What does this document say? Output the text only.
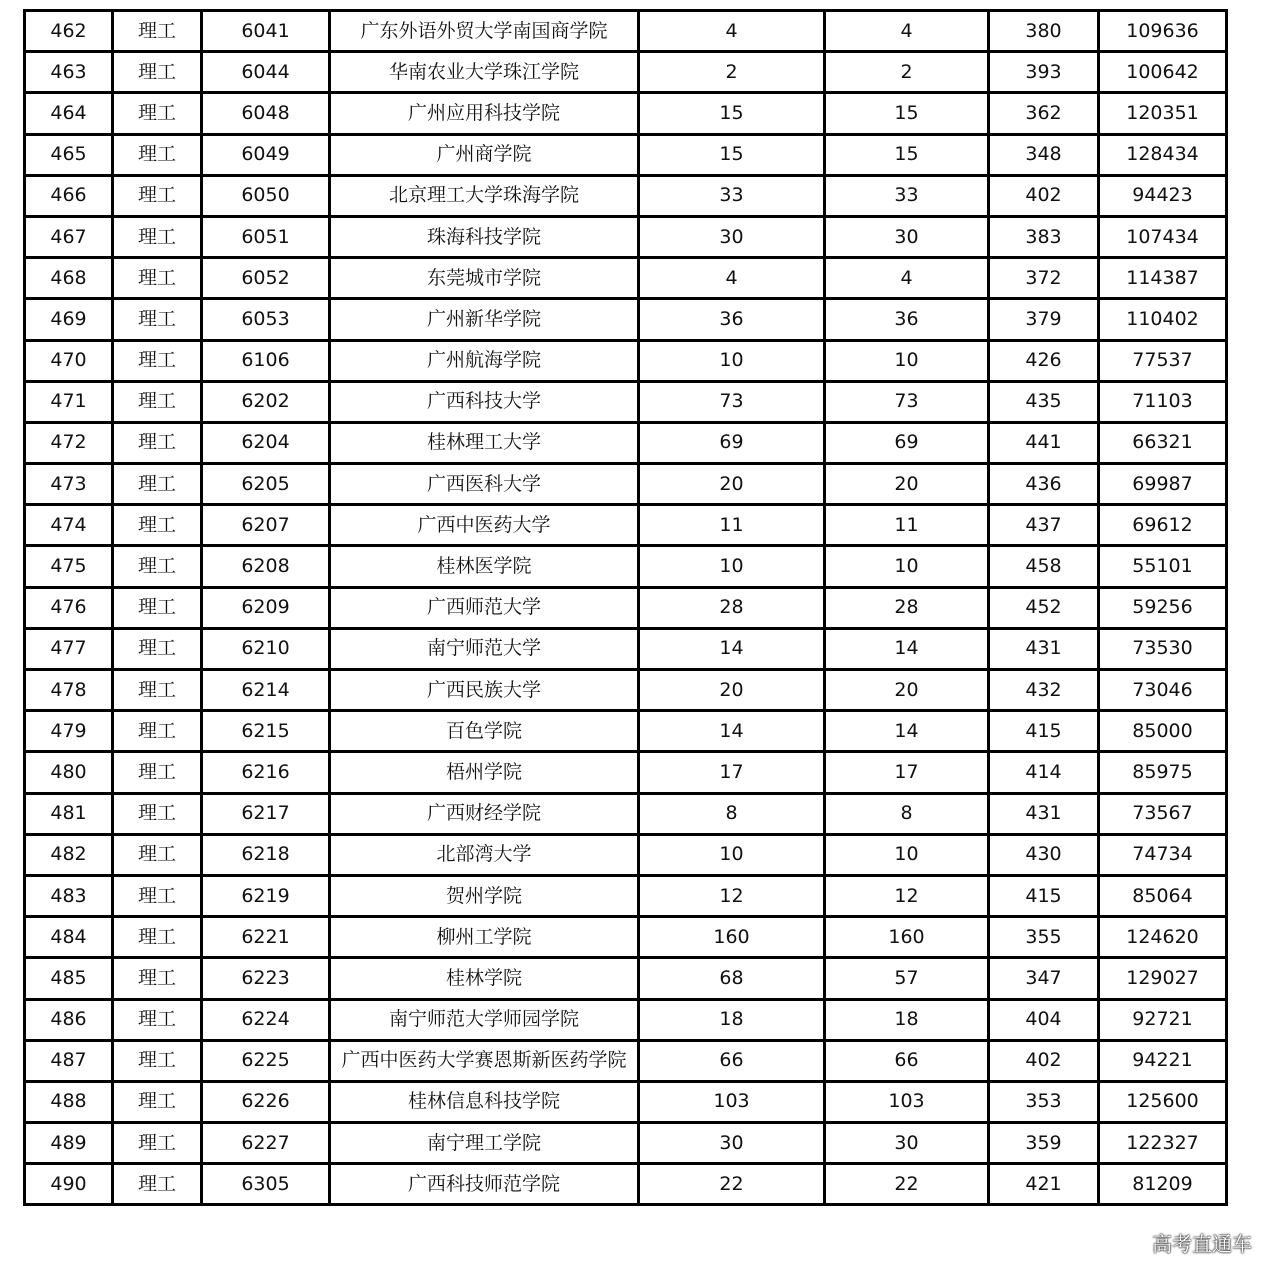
462	理工	6041	广东外语外贸大学南国商学院	4	4	380	109636
463	理工	6044	华南农业大学珠江学院	2	2	393	100642
464	理工	6048	广州应用科技学院	15	15	362	120351
465	理工	6049	广州商学院	15	15	348	128434
466	理工	6050	北京理工大学珠海学院	33	33	402	94423
467	理工	6051	珠海科技学院	30	30	383	107434
468	理工	6052	东莞城市学院	4	4	372	114387
469	理工	6053	广州新华学院	36	36	379	110402
470	理工	6106	广州航海学院	10	10	426	77537
471	理工	6202	广西科技大学	73	73	435	71103
472	理工	6204	桂林理工大学	69	69	441	66321
473	理工	6205	广西医科大学	20	20	436	69987
474	理工	6207	广西中医药大学	11	11	437	69612
475	理工	6208	桂林医学院	10	10	458	55101
476	理工	6209	广西师范大学	28	28	452	59256
477	理工	6210	南宁师范大学	14	14	431	73530
478	理工	6214	广西民族大学	20	20	432	73046
479	理工	6215	百色学院	14	14	415	85000
480	理工	6216	梧州学院	17	17	414	85975
481	理工	6217	广西财经学院	8	8	431	73567
482	理工	6218	北部湾大学	10	10	430	74734
483	理工	6219	贺州学院	12	12	415	85064
484	理工	6221	柳州工学院	160	160	355	124620
485	理工	6223	桂林学院	68	57	347	129027
486	理工	6224	南宁师范大学师园学院	18	18	404	92721
487	理工	6225	广西中医药大学赛恩斯新医药学院	66	66	402	94221
488	理工	6226	桂林信息科技学院	103	103	353	125600
489	理工	6227	南宁理工学院	30	30	359	122327
490	理工	6305	广西科技师范学院	22	22	421	81209
高考直通车
